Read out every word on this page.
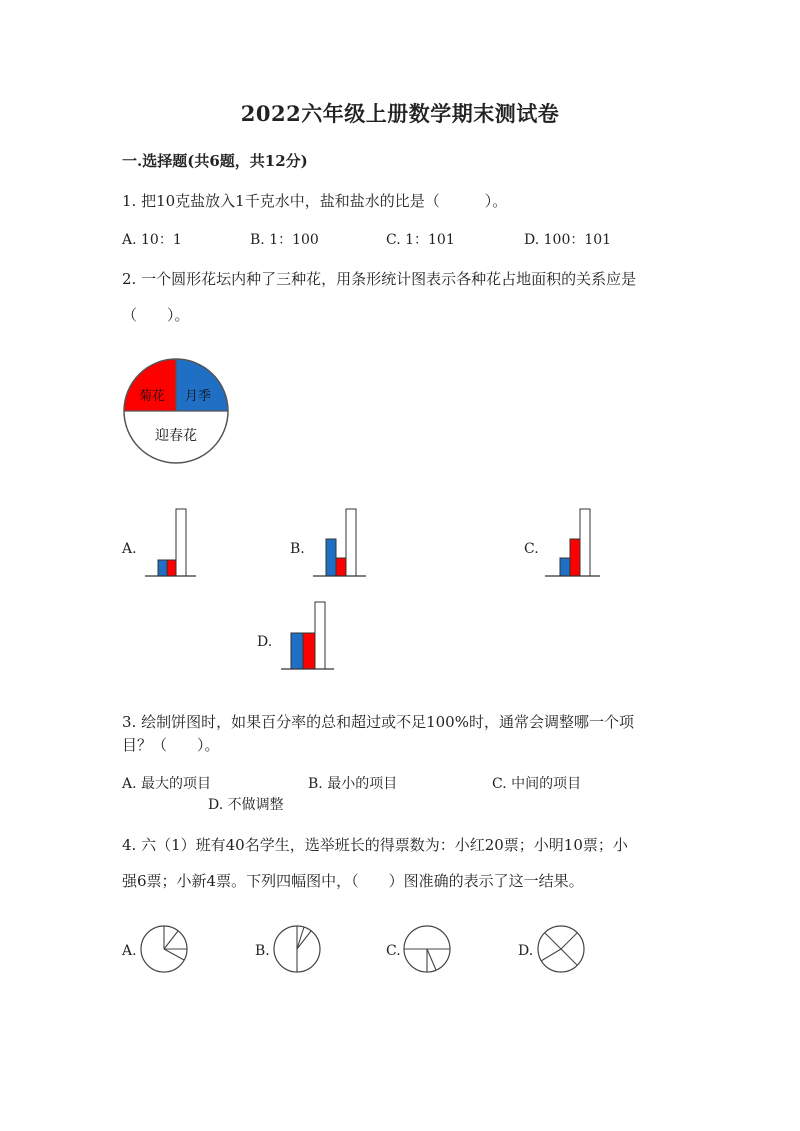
2022六年级上册数学期末测试卷
一.选择题(共6题，共12分)
1. 把10克盐放入1千克水中，盐和盐水的比是（　　　）。
A. 10：1	B. 1：100	C. 1：101	D. 100：101
2. 一个圆形花坛内种了三种花，用条形统计图表示各种花占地面积的关系应是
（　　）。
菊花 月季
迎春花
A.	B.	C.
D.
3. 绘制饼图时，如果百分率的总和超过或不足100%时，通常会调整哪一个项
目？（　　）。
A. 最大的项目	B. 最小的项目	C. 中间的项目
D. 不做调整
4. 六（1）班有40名学生，选举班长的得票数为：小红20票；小明10票；小
强6票；小新4票。下列四幅图中，（　　）图准确的表示了这一结果。
A.	B.	C.	D.
